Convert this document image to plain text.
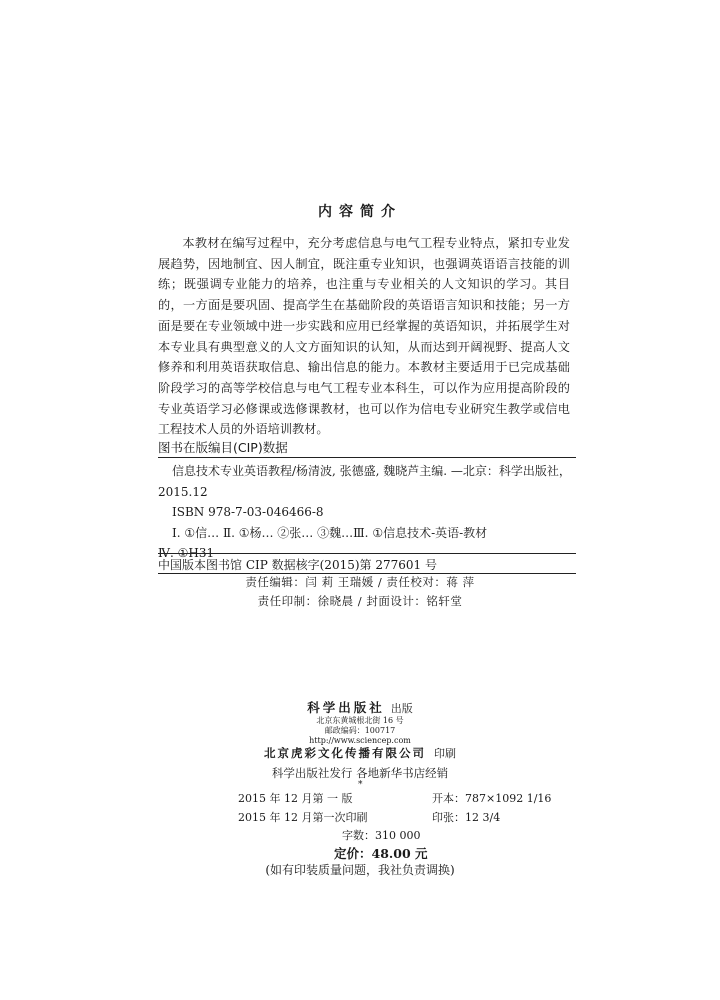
内容简介
本教材在编写过程中，充分考虑信息与电气工程专业特点，紧扣专业发展趋势，因地制宜、因人制宜，既注重专业知识，也强调英语语言技能的训练；既强调专业能力的培养，也注重与专业相关的人文知识的学习。其目的，一方面是要巩固、提高学生在基础阶段的英语语言知识和技能；另一方面是要在专业领域中进一步实践和应用已经掌握的英语知识，并拓展学生对本专业具有典型意义的人文方面知识的认知，从而达到开阔视野、提高人文修养和利用英语获取信息、输出信息的能力。本教材主要适用于已完成基础阶段学习的高等学校信息与电气工程专业本科生，可以作为应用提高阶段的专业英语学习必修课或选修课教材，也可以作为信电专业研究生教学或信电工程技术人员的外语培训教材。
图书在版编目(CIP)数据
信息技术专业英语教程/杨清波, 张德盛, 魏晓芦主编. —北京：科学出版社，
2015.12
ISBN 978-7-03-046466-8
Ⅰ. ①信… Ⅱ. ①杨… ②张… ③魏…Ⅲ. ①信息技术-英语-教材
Ⅳ. ①H31
中国版本图书馆 CIP 数据核字(2015)第 277601 号
责任编辑：闫 莉 王瑞媛 / 责任校对：蒋 萍
责任印制：徐晓晨 / 封面设计：铭轩堂
科学出版社 出版
北京东黄城根北街 16 号
邮政编码：100717
http://www.sciencep.com
北京虎彩文化传播有限公司 印刷
科学出版社发行 各地新华书店经销
*
2015 年 12 月第 一 版	开本：787×1092 1/16
2015 年 12 月第一次印刷	印张：12 3/4
字数：310 000
定价：48.00 元
(如有印装质量问题，我社负责调换)
